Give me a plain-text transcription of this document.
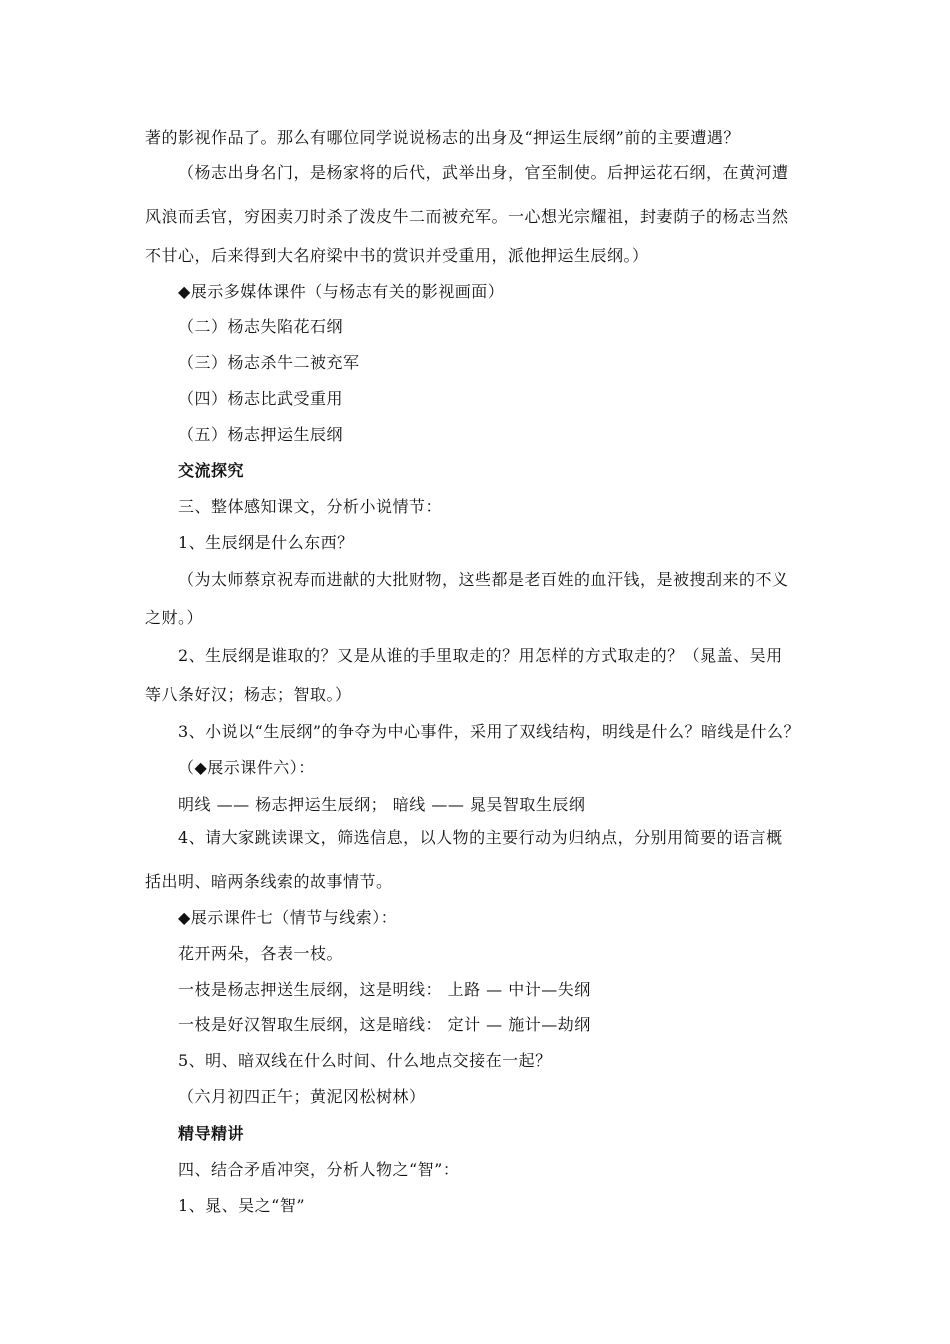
著的影视作品了。那么有哪位同学说说杨志的出身及“押运生辰纲”前的主要遭遇？
（杨志出身名门，是杨家将的后代，武举出身，官至制使。后押运花石纲，在黄河遭
风浪而丢官，穷困卖刀时杀了泼皮牛二而被充军。一心想光宗耀祖，封妻荫子的杨志当然
不甘心，后来得到大名府梁中书的赏识并受重用，派他押运生辰纲。）
◆展示多媒体课件（与杨志有关的影视画面）
（二）杨志失陷花石纲
（三）杨志杀牛二被充军
（四）杨志比武受重用
（五）杨志押运生辰纲
交流探究
三、整体感知课文，分析小说情节：
1、生辰纲是什么东西？
（为太师蔡京祝寿而进献的大批财物，这些都是老百姓的血汗钱，是被搜刮来的不义
之财。）
2、生辰纲是谁取的？又是从谁的手里取走的？用怎样的方式取走的？（晁盖、吴用
等八条好汉；杨志；智取。）
3、小说以“生辰纲”的争夺为中心事件，采用了双线结构，明线是什么？暗线是什么？
（◆展示课件六）：
明线 —— 杨志押运生辰纲； 暗线 —— 晁吴智取生辰纲
4、请大家跳读课文，筛选信息，以人物的主要行动为归纳点，分别用简要的语言概
括出明、暗两条线索的故事情节。
◆展示课件七（情节与线索）：
花开两朵，各表一枝。
一枝是杨志押送生辰纲，这是明线： 上路 — 中计—失纲
一枝是好汉智取生辰纲，这是暗线： 定计 — 施计—劫纲
5、明、暗双线在什么时间、什么地点交接在一起？
（六月初四正午；黄泥冈松树林）
精导精讲
四、结合矛盾冲突，分析人物之“智”：
1、晁、吴之“智”
